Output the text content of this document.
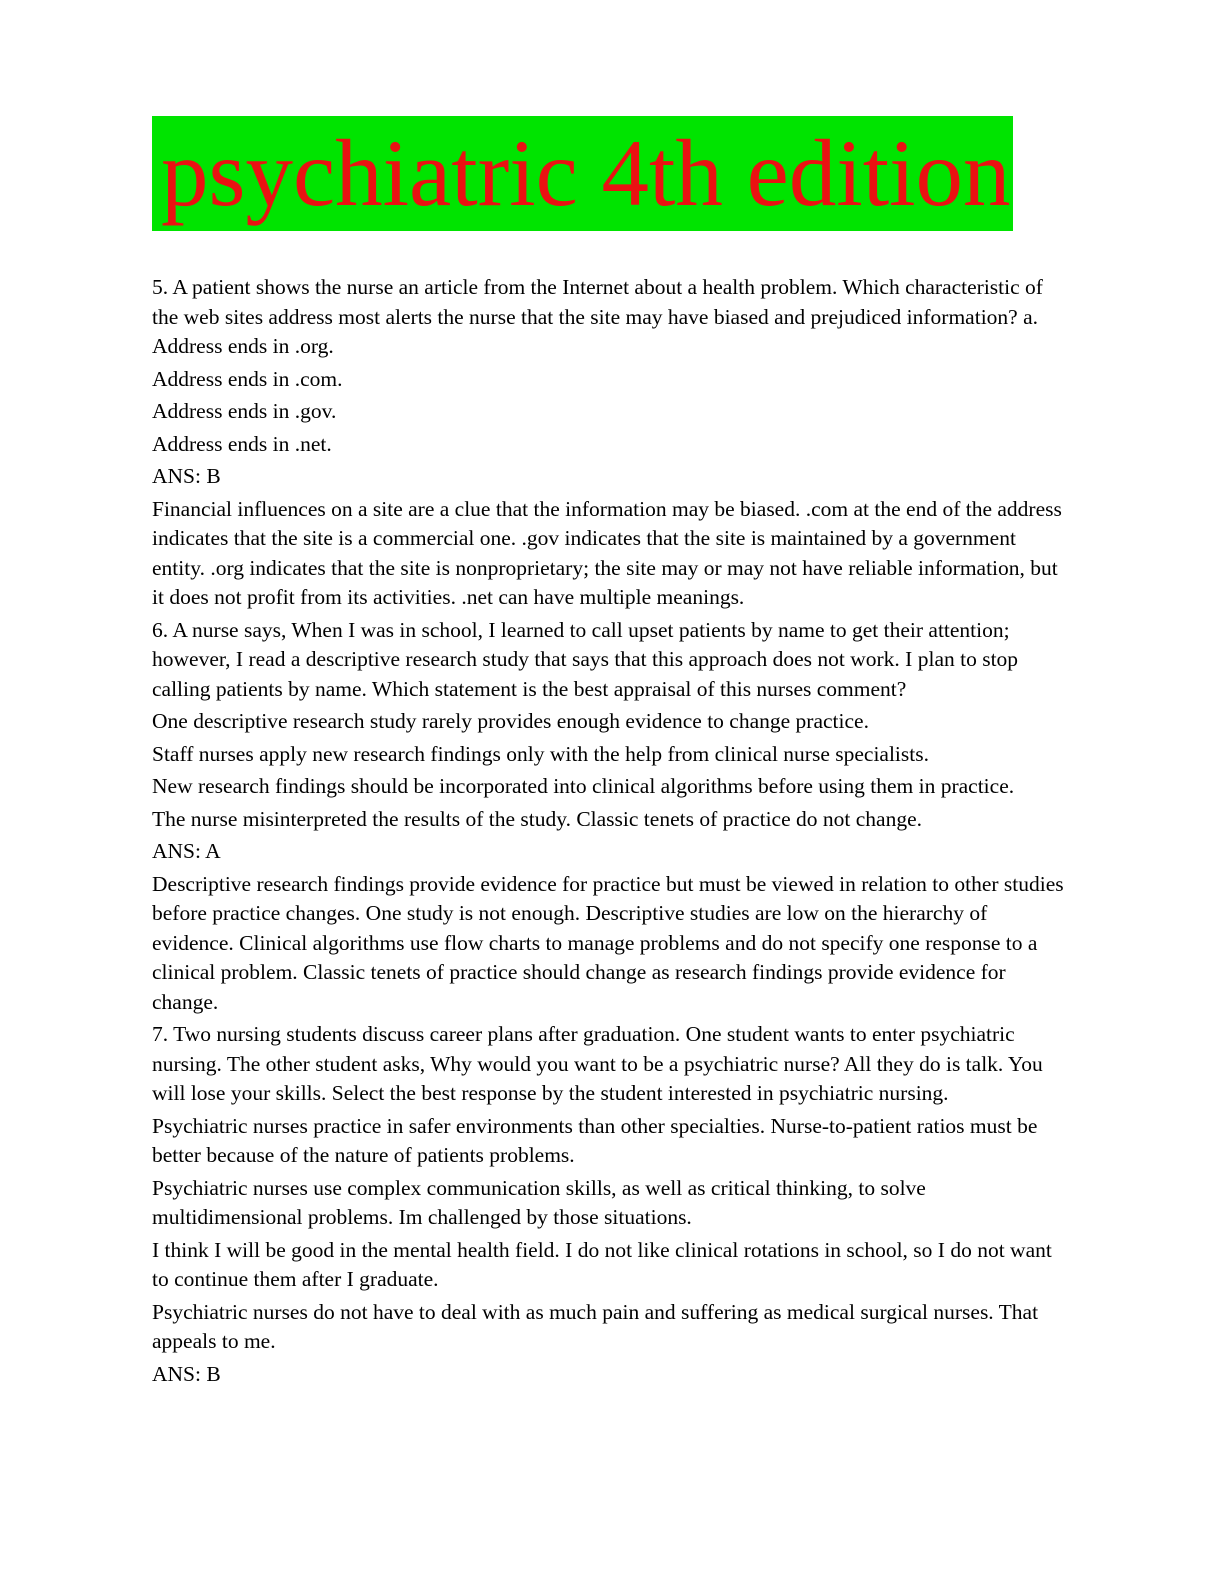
psychiatric 4th edition

5. A patient shows the nurse an article from the Internet about a health problem. Which characteristic of the web sites address most alerts the nurse that the site may have biased and prejudiced information? a. Address ends in .org.

Address ends in .com.

Address ends in .gov.

Address ends in .net.

ANS: B

Financial influences on a site are a clue that the information may be biased. .com at the end of the address indicates that the site is a commercial one. .gov indicates that the site is maintained by a government entity. .org indicates that the site is nonproprietary; the site may or may not have reliable information, but it does not profit from its activities. .net can have multiple meanings.

6. A nurse says, When I was in school, I learned to call upset patients by name to get their attention; however, I read a descriptive research study that says that this approach does not work. I plan to stop calling patients by name. Which statement is the best appraisal of this nurses comment?

One descriptive research study rarely provides enough evidence to change practice.

Staff nurses apply new research findings only with the help from clinical nurse specialists.

New research findings should be incorporated into clinical algorithms before using them in practice.

The nurse misinterpreted the results of the study. Classic tenets of practice do not change.

ANS: A

Descriptive research findings provide evidence for practice but must be viewed in relation to other studies before practice changes. One study is not enough. Descriptive studies are low on the hierarchy of evidence. Clinical algorithms use flow charts to manage problems and do not specify one response to a clinical problem. Classic tenets of practice should change as research findings provide evidence for change.

7. Two nursing students discuss career plans after graduation. One student wants to enter psychiatric nursing. The other student asks, Why would you want to be a psychiatric nurse? All they do is talk. You will lose your skills. Select the best response by the student interested in psychiatric nursing.

Psychiatric nurses practice in safer environments than other specialties. Nurse-to-patient ratios must be better because of the nature of patients problems.

Psychiatric nurses use complex communication skills, as well as critical thinking, to solve multidimensional problems. Im challenged by those situations.

I think I will be good in the mental health field. I do not like clinical rotations in school, so I do not want to continue them after I graduate.

Psychiatric nurses do not have to deal with as much pain and suffering as medical surgical nurses. That appeals to me.

ANS: B
